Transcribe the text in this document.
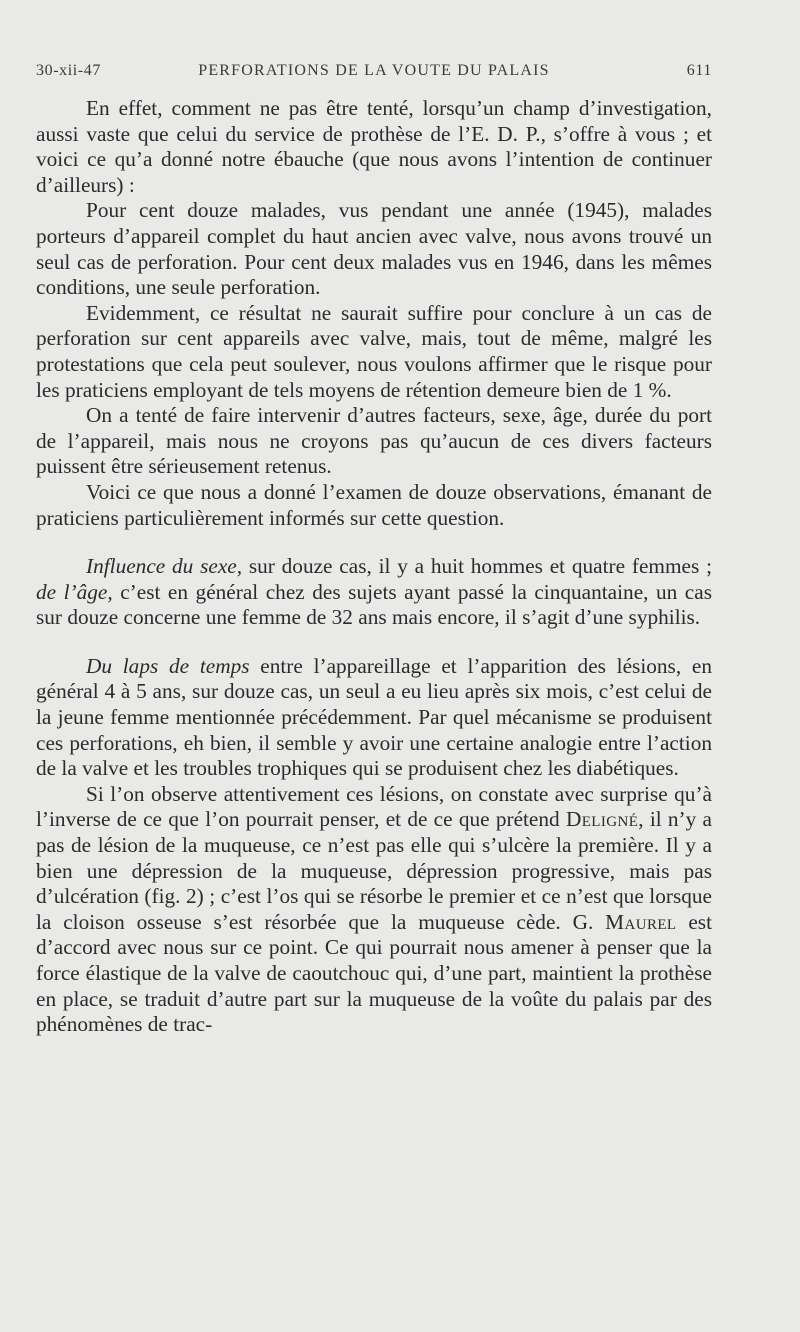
30-xii-47	PERFORATIONS DE LA VOUTE DU PALAIS	611

En effet, comment ne pas être tenté, lorsqu’un champ d’investigation, aussi vaste que celui du service de prothèse de l’E. D. P., s’offre à vous ; et voici ce qu’a donné notre ébauche (que nous avons l’intention de continuer d’ailleurs) :

Pour cent douze malades, vus pendant une année (1945), malades porteurs d’appareil complet du haut ancien avec valve, nous avons trouvé un seul cas de perforation. Pour cent deux malades vus en 1946, dans les mêmes conditions, une seule perforation.

Evidemment, ce résultat ne saurait suffire pour conclure à un cas de perforation sur cent appareils avec valve, mais, tout de même, malgré les protestations que cela peut soulever, nous voulons affirmer que le risque pour les praticiens employant de tels moyens de rétention demeure bien de 1 %.

On a tenté de faire intervenir d’autres facteurs, sexe, âge, durée du port de l’appareil, mais nous ne croyons pas qu’aucun de ces divers facteurs puissent être sérieusement retenus.

Voici ce que nous a donné l’examen de douze observations, émanant de praticiens particulièrement informés sur cette question.

Influence du sexe, sur douze cas, il y a huit hommes et quatre femmes ; de l’âge, c’est en général chez des sujets ayant passé la cinquantaine, un cas sur douze concerne une femme de 32 ans mais encore, il s’agit d’une syphilis.

Du laps de temps entre l’appareillage et l’apparition des lésions, en général 4 à 5 ans, sur douze cas, un seul a eu lieu après six mois, c’est celui de la jeune femme mentionnée précédemment. Par quel mécanisme se produisent ces perforations, eh bien, il semble y avoir une certaine analogie entre l’action de la valve et les troubles trophiques qui se produisent chez les diabétiques.

Si l’on observe attentivement ces lésions, on constate avec surprise qu’à l’inverse de ce que l’on pourrait penser, et de ce que prétend Deligné, il n’y a pas de lésion de la muqueuse, ce n’est pas elle qui s’ulcère la première. Il y a bien une dépression de la muqueuse, dépression progressive, mais pas d’ulcération (fig. 2) ; c’est l’os qui se résorbe le premier et ce n’est que lorsque la cloison osseuse s’est résorbée que la muqueuse cède. G. Maurel est d’accord avec nous sur ce point. Ce qui pourrait nous amener à penser que la force élastique de la valve de caoutchouc qui, d’une part, maintient la prothèse en place, se traduit d’autre part sur la muqueuse de la voûte du palais par des phénomènes de trac-
